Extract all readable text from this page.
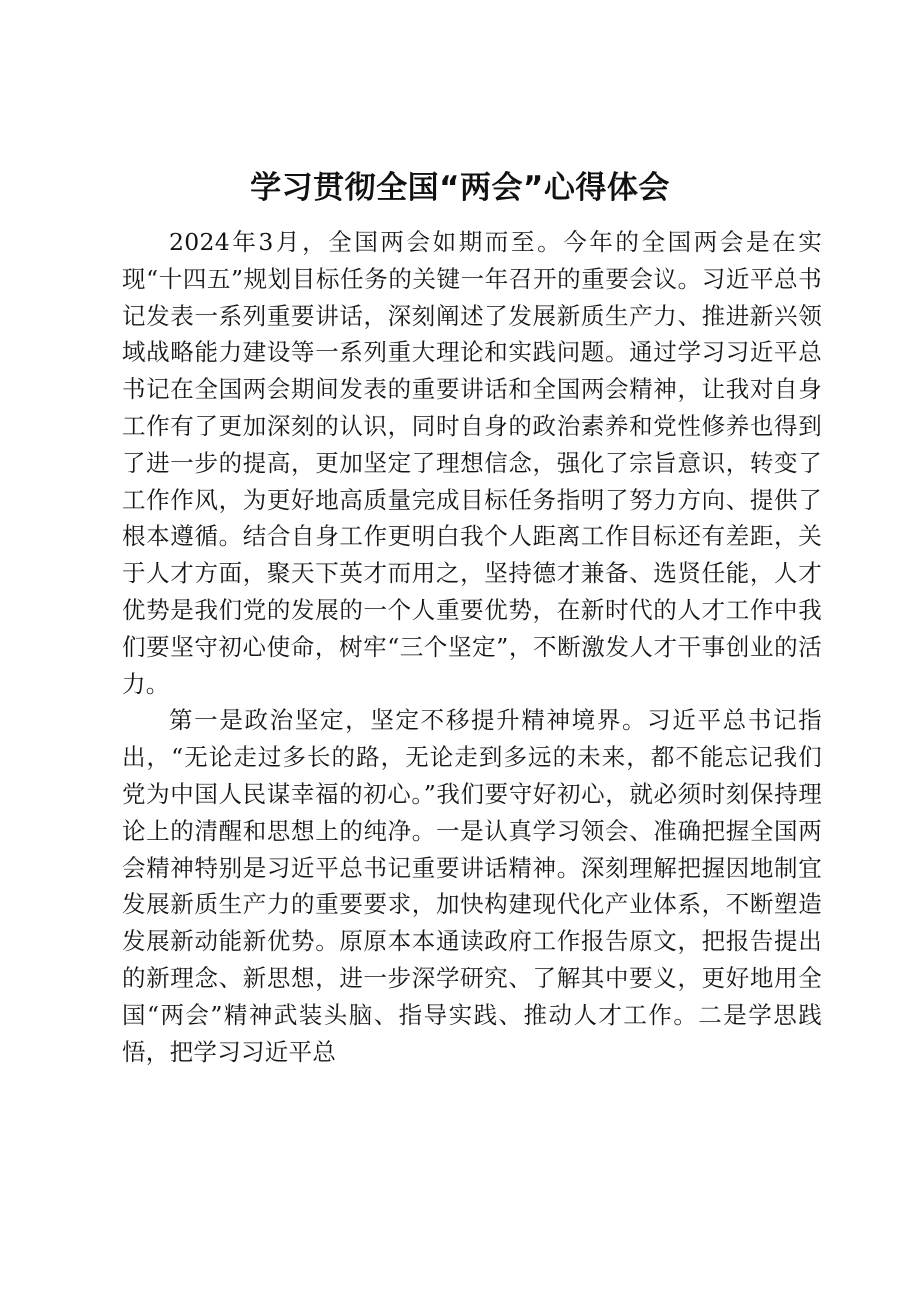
学习贯彻全国“两会”心得体会

2024年3月，全国两会如期而至。今年的全国两会是在实现“十四五”规划目标任务的关键一年召开的重要会议。习近平总书记发表一系列重要讲话，深刻阐述了发展新质生产力、推进新兴领域战略能力建设等一系列重大理论和实践问题。通过学习习近平总书记在全国两会期间发表的重要讲话和全国两会精神，让我对自身工作有了更加深刻的认识，同时自身的政治素养和党性修养也得到了进一步的提高，更加坚定了理想信念，强化了宗旨意识，转变了工作作风，为更好地高质量完成目标任务指明了努力方向、提供了根本遵循。结合自身工作更明白我个人距离工作目标还有差距，关于人才方面，聚天下英才而用之，坚持德才兼备、选贤任能，人才优势是我们党的发展的一个人重要优势，在新时代的人才工作中我们要坚守初心使命，树牢“三个坚定”，不断激发人才干事创业的活力。

第一是政治坚定，坚定不移提升精神境界。习近平总书记指出，“无论走过多长的路，无论走到多远的未来，都不能忘记我们党为中国人民谋幸福的初心。”我们要守好初心，就必须时刻保持理论上的清醒和思想上的纯净。一是认真学习领会、准确把握全国两会精神特别是习近平总书记重要讲话精神。深刻理解把握因地制宜发展新质生产力的重要要求，加快构建现代化产业体系，不断塑造发展新动能新优势。原原本本通读政府工作报告原文，把报告提出的新理念、新思想，进一步深学研究、了解其中要义，更好地用全国“两会”精神武装头脑、指导实践、推动人才工作。二是学思践悟，把学习习近平总
